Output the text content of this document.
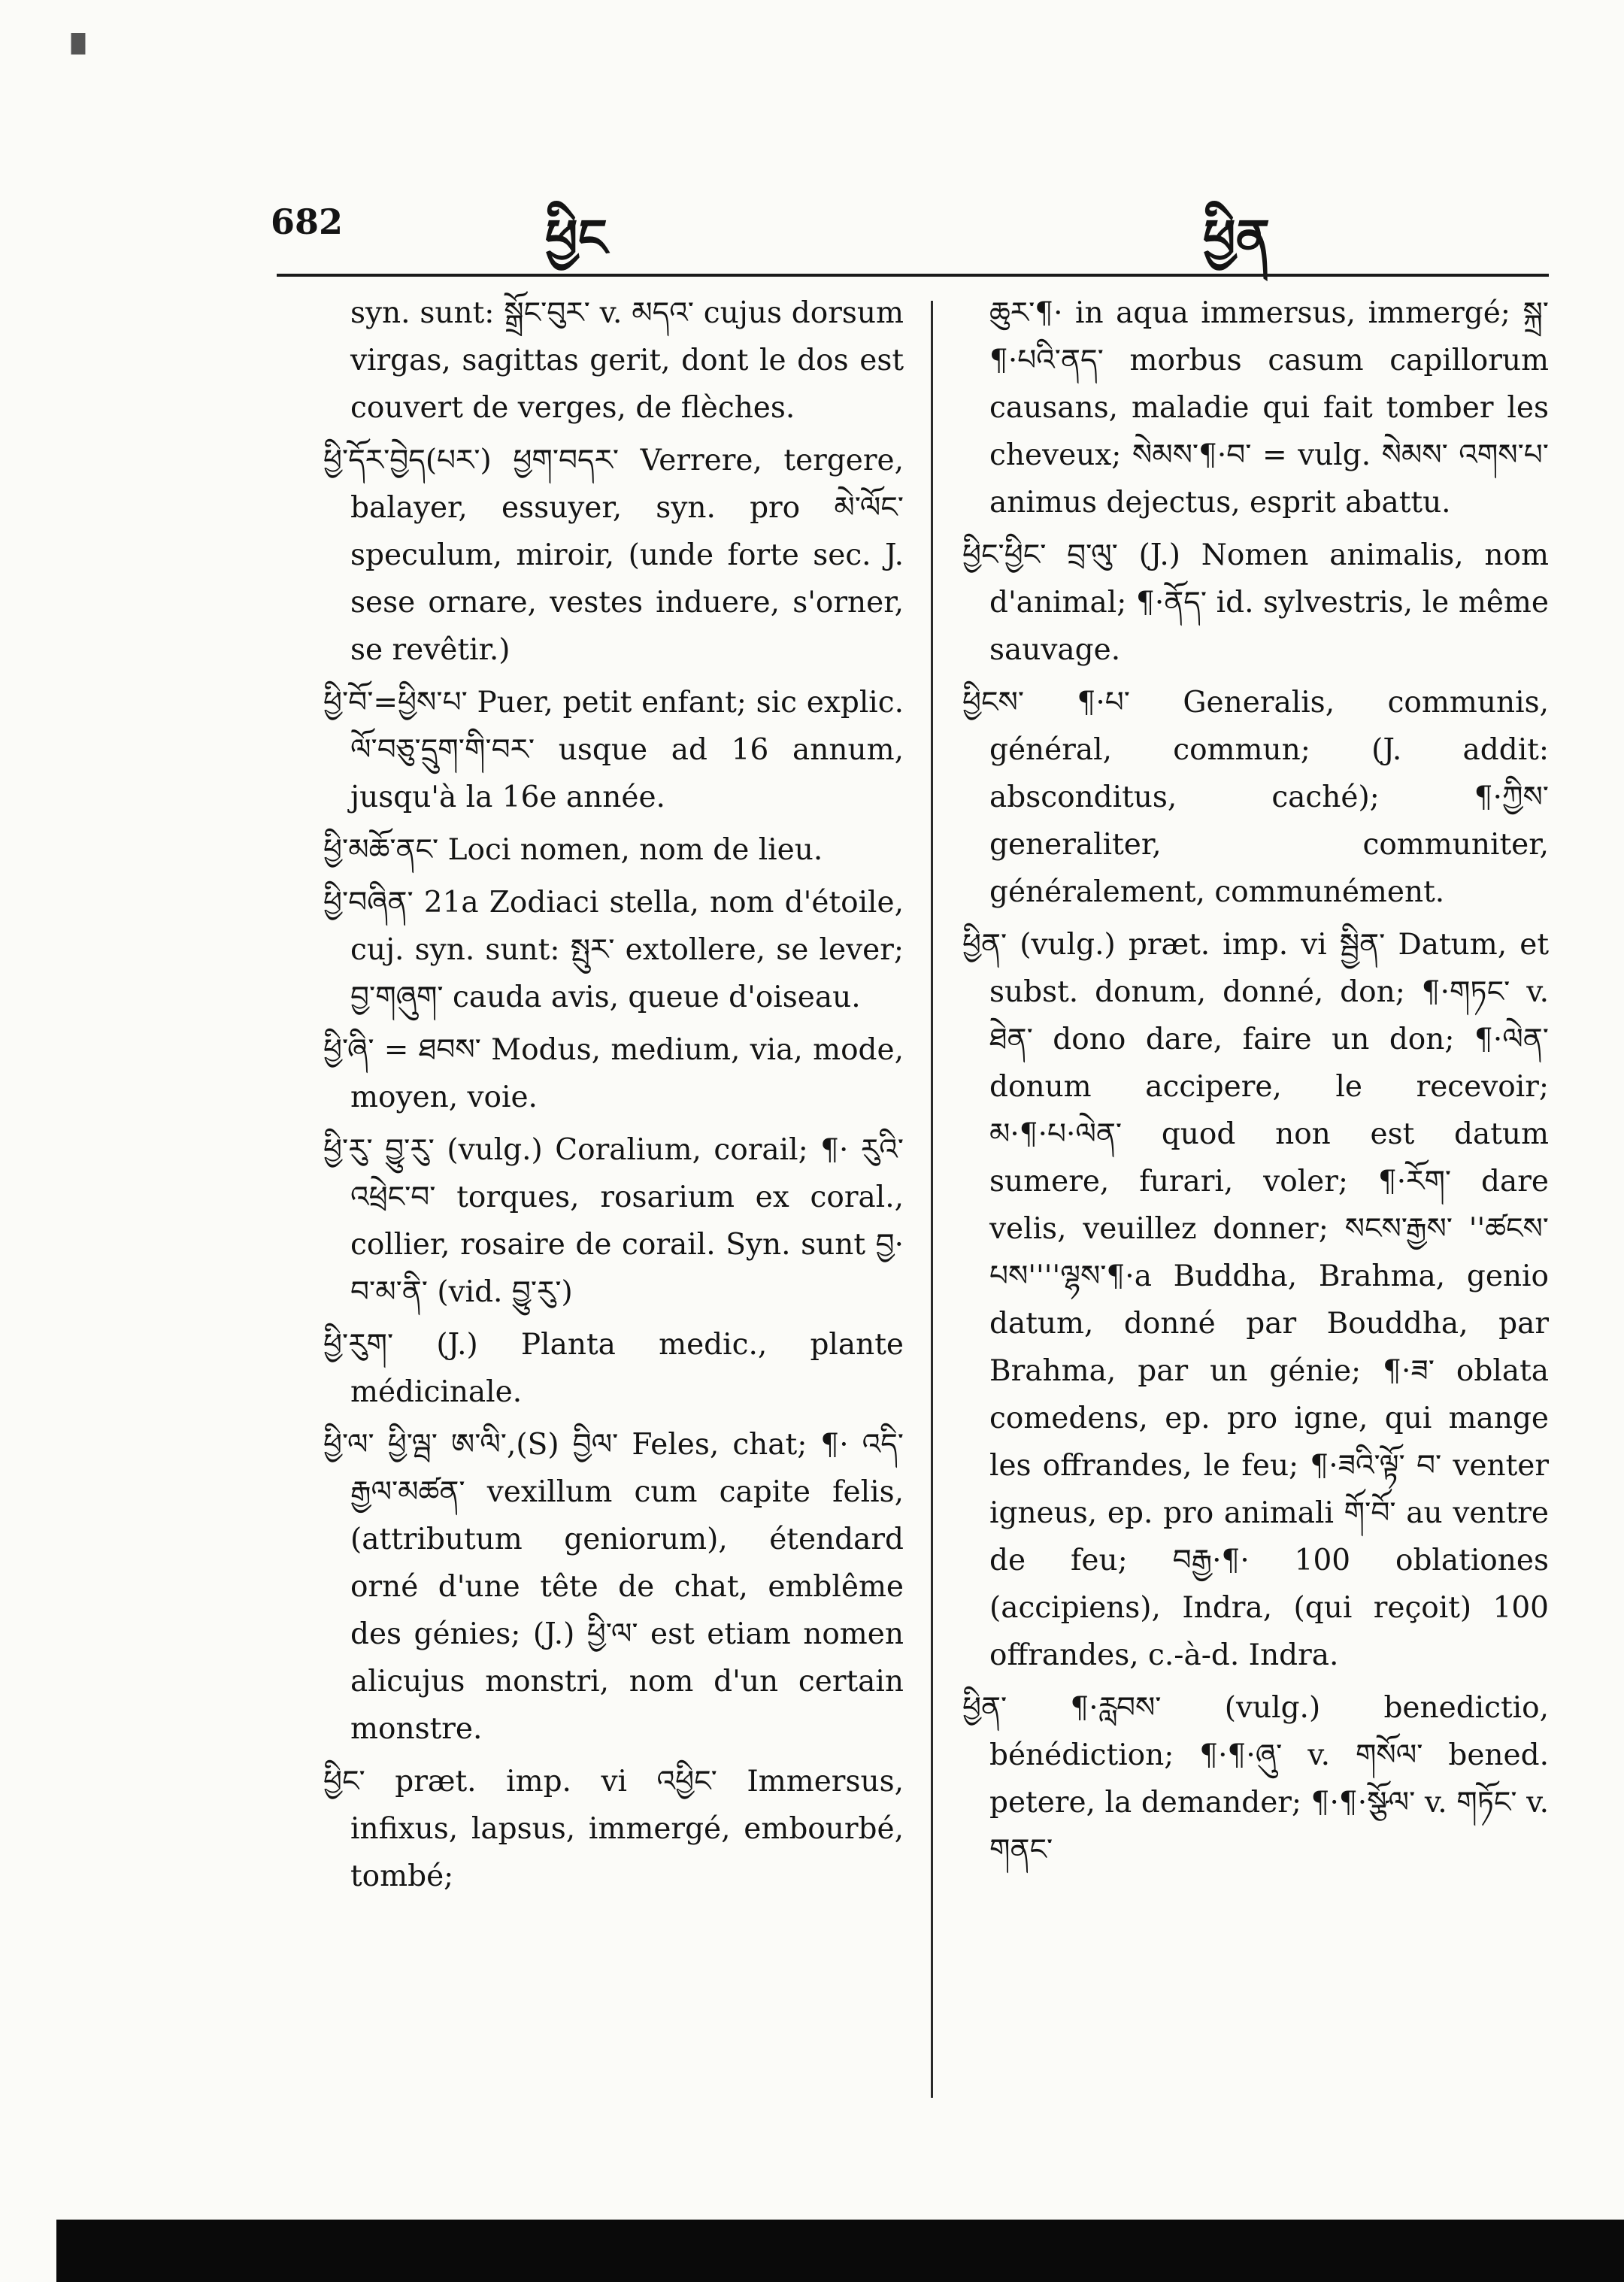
▘
682	ཕྱིང	ཕྱིན

syn. sunt: སྒྲོང་བུར་ v. མདའ་ cujus dorsum virgas, sagittas gerit, dont le dos est couvert de verges, de flèches.

ཕྱི་དོར་བྱེད(པར་) ཕྱག་བདར་ Verrere, tergere, balayer, essuyer, syn. pro མེ་ལོང་ speculum, miroir, (unde forte sec. J. sese ornare, vestes induere, s'orner, se revêtir.)

ཕྱི་བོ་=ཕྱིས་པ་ Puer, petit enfant; sic explic. ལོ་བཅུ་དྲུག་གི་བར་ usque ad 16 annum, jusqu'à la 16e année.

ཕྱི་མཆོ་ནང་ Loci nomen, nom de lieu.

ཕྱི་བཞིན་ 21a Zodiaci stella, nom d'étoile, cuj. syn. sunt: སྤུར་ extollere, se lever; བྱ་གཞུག་ cauda avis, queue d'oiseau.

ཕྱི་ཞི་ = ཐབས་ Modus, medium, via, mode, moyen, voie.

ཕྱི་རུ་ བྱུ་རུ་ (vulg.) Coralium, corail; ¶· རུའི་འཕྲེང་བ་ torques, rosarium ex coral., collier, rosaire de corail. Syn. sunt བྱ· བ་མ་ནི་ (vid. བྱུ་རུ་)

ཕྱི་རུག་ (J.) Planta medic., plante médicinale.

ཕྱི་ལ་ ཕྱི་ལྦ་ ཨ་ལི་,(S) བྱིལ་ Feles, chat; ¶· འདི་རྒྱལ་མཚན་ vexillum cum capite felis, (attributum geniorum), étendard orné d'une tête de chat, emblême des génies; (J.) ཕྱི་ལ་ est etiam nomen alicujus monstri, nom d'un certain monstre.

ཕྱིང་ præt. imp. vi འཕྱིང་ Immersus, infixus, lapsus, immergé, embourbé, tombé;

ཆུར་¶· in aqua immersus, immergé; སྐྲ་¶·པའི་ནད་ morbus casum capillorum causans, maladie qui fait tomber les cheveux; སེམས་¶·བ་ = vulg. སེམས་ འགས་པ་ animus dejectus, esprit abattu.

ཕྱིང་ཕྱིང་ བྲ་ལུ་ (J.) Nomen animalis, nom d'animal; ¶·ནོད་ id. sylvestris, le même sauvage.

ཕྱིངས་ ¶·པ་ Generalis, communis, général, commun; (J. addit: absconditus, caché); ¶·ཀྱིས་ generaliter, communiter, généralement, communément.

ཕྱིན་ (vulg.) præt. imp. vi སྦྱིན་ Datum, et subst. donum, donné, don; ¶·གཏང་ v. ཐེན་ dono dare, faire un don; ¶·ལེན་ donum accipere, le recevoir; མ·¶·པ·ལེན་ quod non est datum sumere, furari, voler; ¶·རོག་ dare velis, veuillez donner; སངས་རྒྱས་ ''ཚངས་པས''''ལྷས་¶·a Buddha, Brahma, genio datum, donné par Bouddha, par Brahma, par un génie; ¶·ཟ་ oblata comedens, ep. pro igne, qui mange les offrandes, le feu; ¶·ཟའི་ལྟོ་ བ་ venter igneus, ep. pro animali གོ་བོ་ au ventre de feu; བརྒྱ·¶· 100 oblationes (accipiens), Indra, (qui reçoit) 100 offrandes, c.-à-d. Indra.

ཕྱིན་ ¶·རླབས་ (vulg.) benedictio, bénédiction; ¶·¶·ཞུ་ v. གསོལ་ bened. petere, la demander; ¶·¶·སྩོལ་ v. གཏོང་ v. གནང་
